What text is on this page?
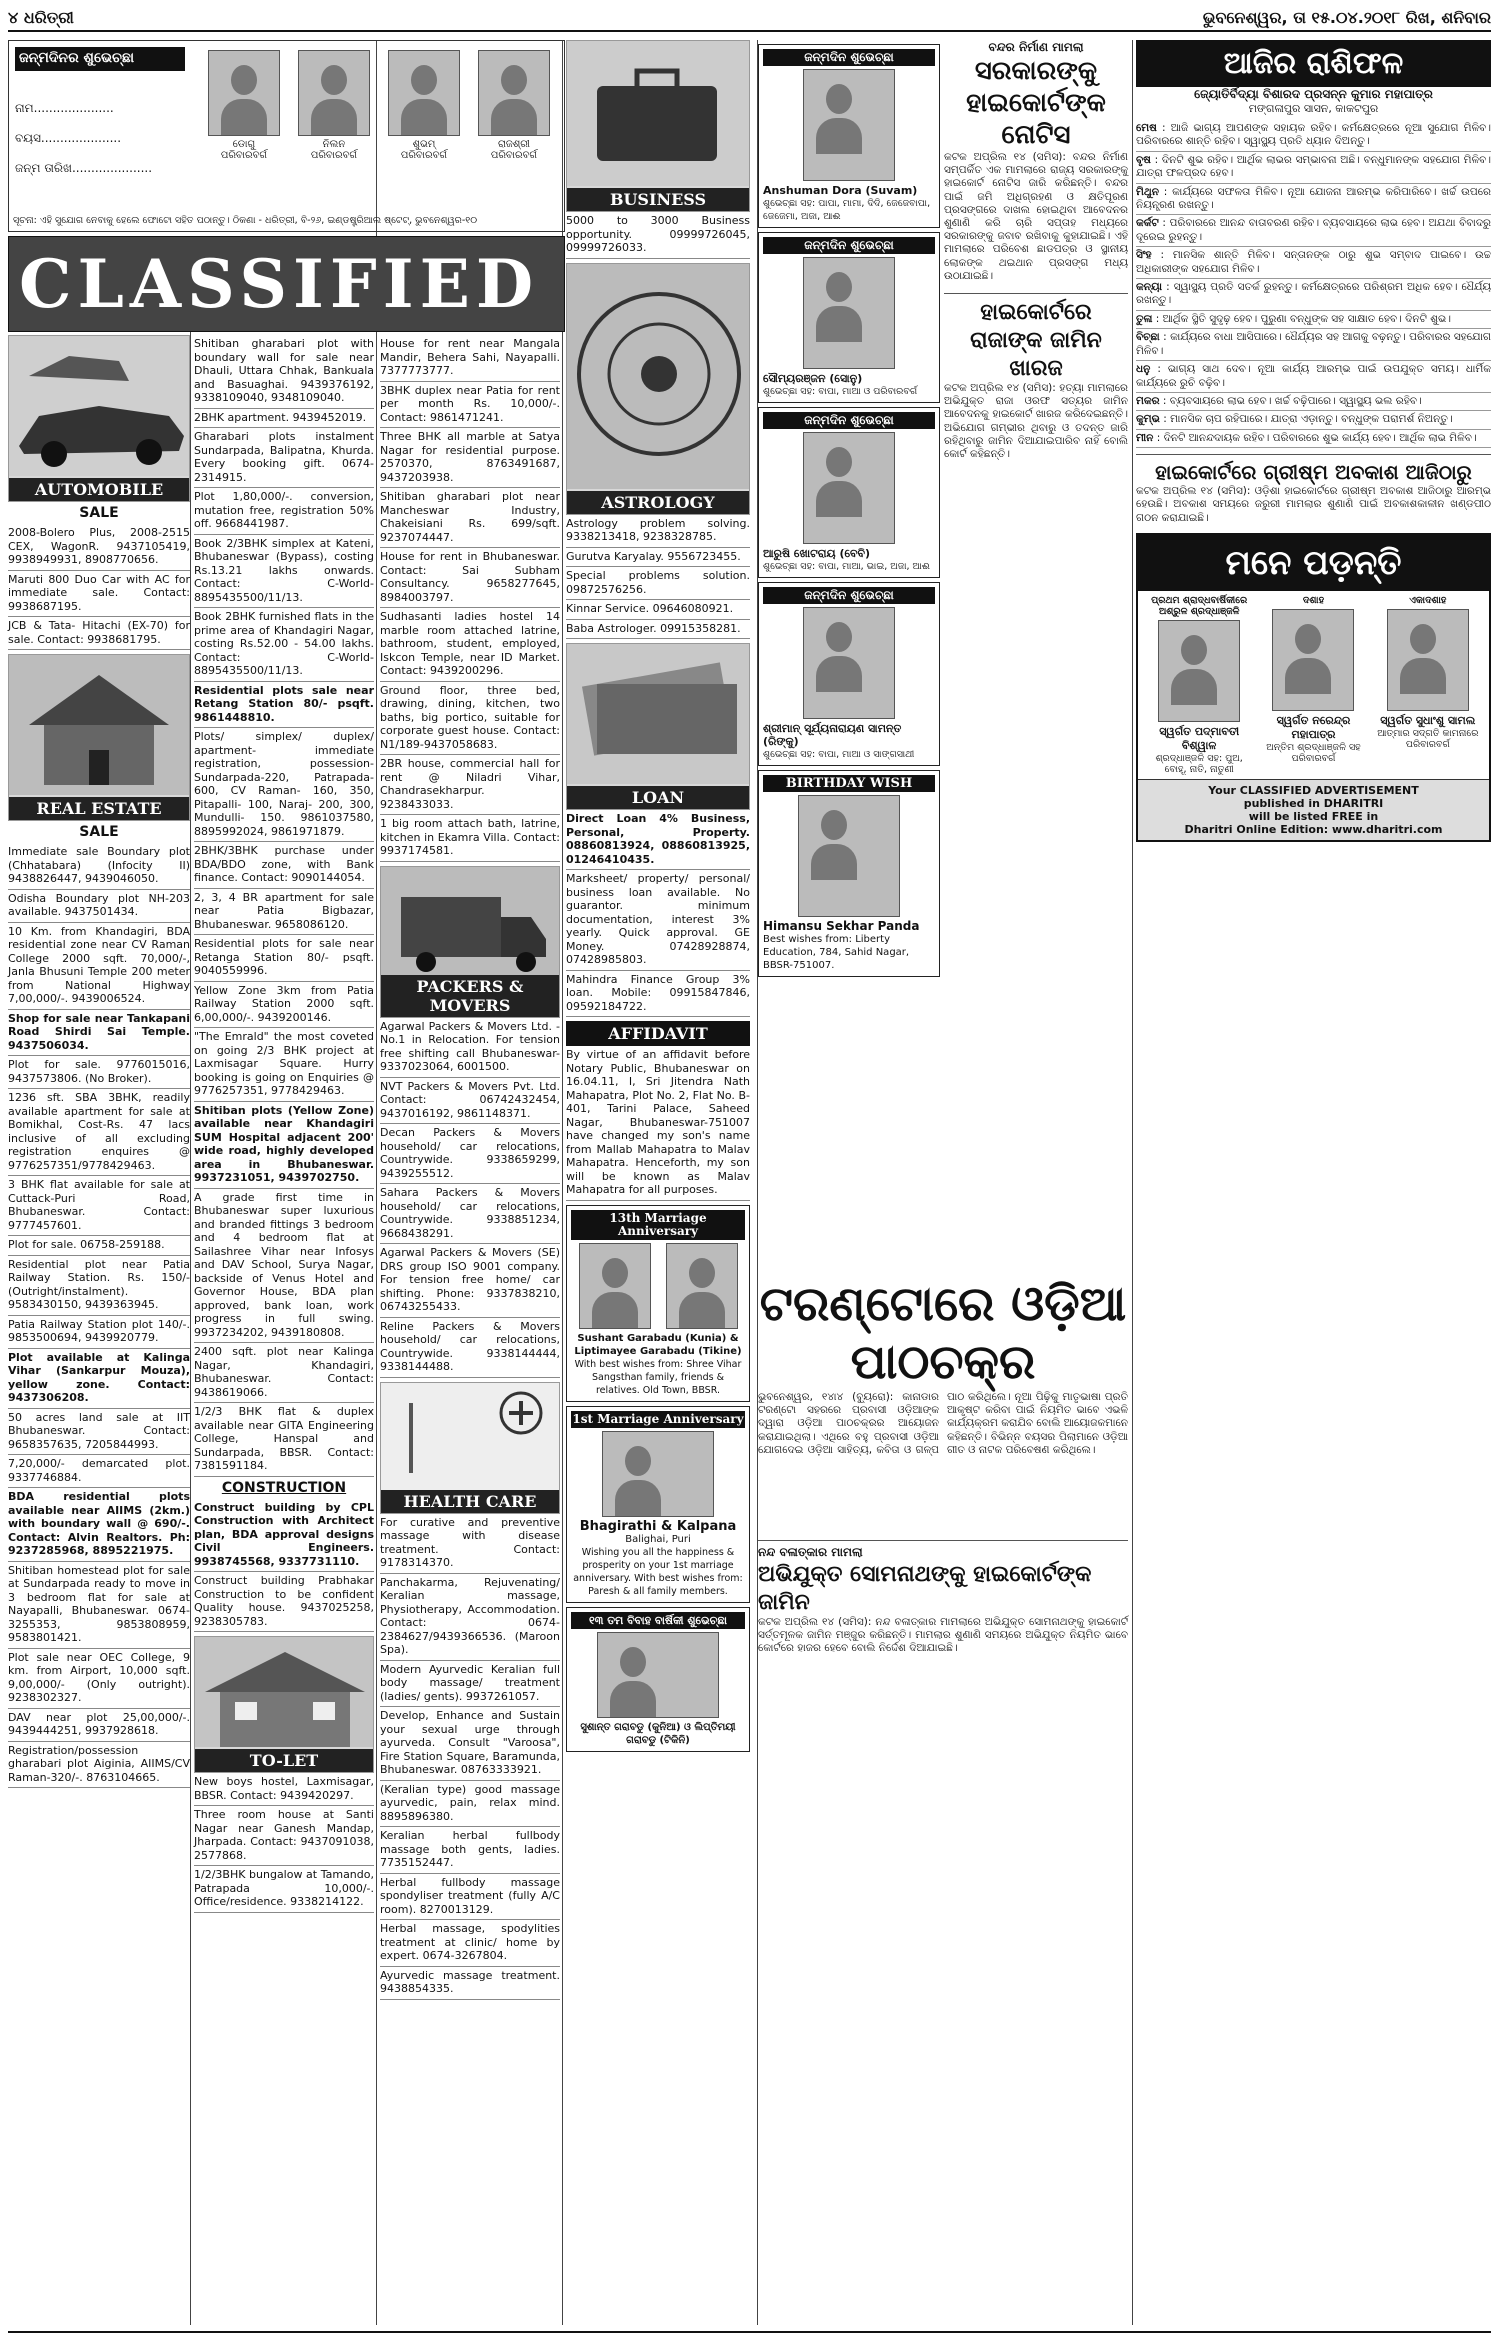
୪ ଧରିତ୍ରୀ	ଭୁବନେଶ୍ୱର, ତା ୧୫.୦୪.୨୦୧୮ ରିଖ, ଶନିବାର
ଜନ୍ମଦିନର ଶୁଭେଚ୍ଛା
ନାମ.....................
ବୟସ.....................
ଜନ୍ମ ତାରିଖ.....................
ଡୋଗୁ
ପରିବାରବର୍ଗ
ନିଲନ
ପରିବାରବର୍ଗ
ଶୁଭମ୍
ପରିବାରବର୍ଗ
ରାଜଶ୍ରୀ
ପରିବାରବର୍ଗ
ସୂଚନା: ଏହି ସୁଯୋଗ ନେବାକୁ ହେଲେ ଫୋଟୋ ସହିତ ପଠାନ୍ତୁ। ଠିକଣା - ଧରିତ୍ରୀ, ବି-୨୬, ଇଣ୍ଡଷ୍ଟ୍ରିଆଲ ଷ୍ଟେଟ୍, ଭୁବନେଶ୍ୱର-୧୦
CLASSIFIED
AUTOMOBILE
SALE
2008-Bolero Plus, 2008-2515 CEX, WagonR. 9437105419, 9938949931, 8908770656.
Maruti 800 Duo Car with AC for immediate sale. Contact: 9938687195.
JCB & Tata- Hitachi (EX-70) for sale. Contact: 9938681795.
REAL ESTATE
SALE
Immediate sale Boundary plot (Chhatabara) (Infocity II) 9438826447, 9439046050.
Odisha Boundary plot NH-203 available. 9437501434.
10 Km. from Khandagiri, BDA residential zone near CV Raman College 2000 sqft. 70,000/-, Janla Bhusuni Temple 200 meter from National Highway 7,00,000/-. 9439006524.
Shop for sale near Tankapani Road Shirdi Sai Temple. 9437506034.
Plot for sale. 9776015016, 9437573806. (No Broker).
1236 sft. SBA 3BHK, readily available apartment for sale at Bomikhal, Cost-Rs. 47 lacs inclusive of all excluding registration enquires @ 9776257351/9778429463.
3 BHK flat available for sale at Cuttack-Puri Road, Bhubaneswar. Contact: 9777457601.
Plot for sale. 06758-259188.
Residential plot near Patia Railway Station. Rs. 150/- (Outright/instalment). 9583430150, 9439363945.
Patia Railway Station plot 140/-. 9853500694, 9439920779.
Plot available at Kalinga Vihar (Sankarpur Mouza), yellow zone. Contact: 9437306208.
50 acres land sale at IIT Bhubaneswar. Contact: 9658357635, 7205844993.
7,20,000/- demarcated plot. 9337746884.
BDA residential plots available near AIIMS (2km.) with boundary wall @ 690/-. Contact: Alvin Realtors. Ph: 9237285968, 8895221975.
Shitiban homestead plot for sale at Sundarpada ready to move in 3 bedroom flat for sale at Nayapalli, Bhubaneswar. 0674-3255353, 9853808959, 9583801421.
Plot sale near OEC College, 9 km. from Airport, 10,000 sqft. 9,00,000/- (Only outright). 9238302327.
DAV near plot 25,00,000/-. 9439444251, 9937928618.
Registration/possession gharabari plot Aiginia, AIIMS/CV Raman-320/-. 8763104665.
Shitiban gharabari plot with boundary wall for sale near Dhauli, Uttara Chhak, Bankuala and Basuaghai. 9439376192, 9338109040, 9348109040.
2BHK apartment. 9439452019.
Gharabari plots instalment Sundarpada, Balipatna, Khurda. Every booking gift. 0674-2314915.
Plot 1,80,000/-. conversion, mutation free, registration 50% off. 9668441987.
Book 2/3BHK simplex at Kateni, Bhubaneswar (Bypass), costing Rs.13.21 lakhs onwards. Contact: C-World- 8895435500/11/13.
Book 2BHK furnished flats in the prime area of Khandagiri Nagar, costing Rs.52.00 - 54.00 lakhs. Contact: C-World- 8895435500/11/13.
Residential plots sale near Retang Station 80/- psqft. 9861448810.
Plots/ simplex/ duplex/ apartment- immediate registration, possession- Sundarpada-220, Patrapada-600, CV Raman- 160, 350, Pitapalli- 100, Naraj- 200, 300, Mundulli- 150. 9861037580, 8895992024, 9861971879.
2BHK/3BHK purchase under BDA/BDO zone, with Bank finance. Contact: 9090144054.
2, 3, 4 BR apartment for sale near Patia Bigbazar, Bhubaneswar. 9658086120.
Residential plots for sale near Retanga Station 80/- psqft. 9040559996.
Yellow Zone 3km from Patia Railway Station 2000 sqft. 6,00,000/-. 9439200146.
"The Emrald" the most coveted on going 2/3 BHK project at Laxmisagar Square. Hurry booking is going on Enquiries @ 9776257351, 9778429463.
Shitiban plots (Yellow Zone) available near Khandagiri SUM Hospital adjacent 200' wide road, highly developed area in Bhubaneswar. 9937231051, 9439702750.
A grade first time in Bhubaneswar super luxurious and branded fittings 3 bedroom and 4 bedroom flat at Sailashree Vihar near Infosys and DAV School, Surya Nagar, backside of Venus Hotel and Governor House, BDA plan approved, bank loan, work progress in full swing. 9937234202, 9439180808.
2400 sqft. plot near Kalinga Nagar, Khandagiri, Bhubaneswar. Contact: 9438619066.
1/2/3 BHK flat & duplex available near GITA Engineering College, Hanspal and Sundarpada, BBSR. Contact: 7381591184.
CONSTRUCTION
Construct building by CPL Construction with Architect plan, BDA approval designs Civil Engineers. 9938745568, 9337731110.
Construct building Prabhakar Construction to be confident Quality house. 9437025258, 9238305783.
TO-LET
New boys hostel, Laxmisagar, BBSR. Contact: 9439420297.
Three room house at Santi Nagar near Ganesh Mandap, Jharpada. Contact: 9437091038, 2577868.
1/2/3BHK bungalow at Tamando, Patrapada 10,000/-. Office/residence. 9338214122.
House for rent near Mangala Mandir, Behera Sahi, Nayapalli. 7377773777.
3BHK duplex near Patia for rent per month Rs. 10,000/-. Contact: 9861471241.
Three BHK all marble at Satya Nagar for residential purpose. 2570370, 8763491687, 9437203938.
Shitiban gharabari plot near Mancheswar Industry, Chakeisiani Rs. 699/sqft. 9237074447.
House for rent in Bhubaneswar. Contact: Sai Subham Consultancy. 9658277645, 8984003797.
Sudhasanti ladies hostel 14 marble room attached latrine, bathroom, student, employed, Iskcon Temple, near ID Market. Contact: 9439200296.
Ground floor, three bed, drawing, dining, kitchen, two baths, big portico, suitable for corporate guest house. Contact: N1/189-9437058683.
2BR house, commercial hall for rent @ Niladri Vihar, Chandrasekharpur. 9238433033.
1 big room attach bath, latrine, kitchen in Ekamra Villa. Contact: 9937174581.
PACKERS & MOVERS
Agarwal Packers & Movers Ltd. - No.1 in Relocation. For tension free shifting call Bhubaneswar- 9337023064, 6001500.
NVT Packers & Movers Pvt. Ltd. Contact: 06742432454, 9437016192, 9861148371.
Decan Packers & Movers household/ car relocations, Countrywide. 9338659299, 9439255512.
Sahara Packers & Movers household/ car relocations, Countrywide. 9338851234, 9668438291.
Agarwal Packers & Movers (SE) DRS group ISO 9001 company. For tension free home/ car shifting. Phone: 9337838210, 06743255433.
Reline Packers & Movers household/ car relocations, Countrywide. 9338144444, 9338144488.
HEALTH CARE
For curative and preventive massage with disease treatment. Contact: 9178314370.
Panchakarma, Rejuvenating/ Keralian massage, Physiotherapy, Accommodation. Contact: 0674-2384627/9439366536. (Maroon Spa).
Modern Ayurvedic Keralian full body massage/ treatment (ladies/ gents). 9937261057.
Develop, Enhance and Sustain your sexual urge through ayurveda. Consult "Varoosa", Fire Station Square, Baramunda, Bhubaneswar. 08763333921.
(Keralian type) good massage ayurvedic, pain, relax mind. 8895896380.
Keralian herbal fullbody massage both gents, ladies. 7735152447.
Herbal fullbody massage spondyliser treatment (fully A/C room). 8270013129.
Herbal massage, spodylities treatment at clinic/ home by expert. 0674-3267804.
Ayurvedic massage treatment. 9438854335.
BUSINESS
5000 to 3000 Business opportunity. 09999726045, 09999726033.
ASTROLOGY
Astrology problem solving. 9338213418, 9238328785.
Gurutva Karyalay. 9556723455.
Special problems solution. 09872576256.
Kinnar Service. 09646080921.
Baba Astrologer. 09915358281.
LOAN
Direct Loan 4% Business, Personal, Property. 08860813924, 08860813925, 01246410435.
Marksheet/ property/ personal/ business loan available. No guarantor. minimum documentation, interest 3% yearly. Quick approval. GE Money. 07428928874, 07428985803.
Mahindra Finance Group 3% loan. Mobile: 09915847846, 09592184722.
AFFIDAVIT
By virtue of an affidavit before Notary Public, Bhubaneswar on 16.04.11, I, Sri Jitendra Nath Mahapatra, Plot No. 2, Flat No. B-401, Tarini Palace, Saheed Nagar, Bhubaneswar-751007 have changed my son's name from Mallab Mahapatra to Malav Mahapatra. Henceforth, my son will be known as Malav Mahapatra for all purposes.
13th Marriage Anniversary
Sushant Garabadu (Kunia) & Liptimayee Garabadu (Tikine)
With best wishes from: Shree Vihar Sangsthan family, friends & relatives. Old Town, BBSR.
1st Marriage Anniversary
Bhagirathi & Kalpana
Balighai, Puri
Wishing you all the happiness & prosperity on your 1st marriage anniversary. With best wishes from: Paresh & all family members.
୧୩ ତମ ବିବାହ ବାର୍ଷିକୀ ଶୁଭେଚ୍ଛା
ସୁଶାନ୍ତ ଗରାବଡୁ (କୁନିଆ) ଓ ଲିପ୍ତିମୟୀ ଗରାବଡୁ (ଟିକିନି)
ଜନ୍ମଦିନ ଶୁଭେଚ୍ଛା
Anshuman Dora (Suvam)
ଶୁଭେଚ୍ଛା ସହ: ପାପା, ମାମା, ଦିଦି, ଜେଜେବାପା, ଜେଜେମା, ଅଜା, ଆଈ
ଜନ୍ମଦିନ ଶୁଭେଚ୍ଛା
ସୌମ୍ୟରଞ୍ଜନ (ସୋନୁ)
ଶୁଭେଚ୍ଛା ସହ: ବାପା, ମାଆ ଓ ପରିବାରବର୍ଗ
ଜନ୍ମଦିନ ଶୁଭେଚ୍ଛା
ଆରୁଷି ଖୋଟରାୟ (ବେବି)
ଶୁଭେଚ୍ଛା ସହ: ବାପା, ମାଆ, ଭାଇ, ଅଜା, ଆଈ
ଜନ୍ମଦିନ ଶୁଭେଚ୍ଛା
ଶ୍ରୀମାନ୍ ସୂର୍ଯ୍ୟନାରାୟଣ ସାମନ୍ତ (ରିଙ୍କୁ)
ଶୁଭେଚ୍ଛା ସହ: ବାପା, ମାଆ ଓ ସାଙ୍ଗସାଥୀ
BIRTHDAY WISH
Himansu Sekhar Panda
Best wishes from: Liberty Education, 784, Sahid Nagar, BBSR-751007.
ବନ୍ଦର ନିର୍ମାଣ ମାମଲା
ସରକାରଙ୍କୁ ହାଇକୋର୍ଟଙ୍କ ନୋଟିସ
କଟକ ଅପ୍ରିଲ ୧୪ (ସମିସ): ବନ୍ଦର ନିର୍ମାଣ ସମ୍ପର୍କିତ ଏକ ମାମଲାରେ ରାଜ୍ୟ ସରକାରଙ୍କୁ ହାଇକୋର୍ଟ ନୋଟିସ ଜାରି କରିଛନ୍ତି। ବନ୍ଦର ପାଇଁ ଜମି ଅଧିଗ୍ରହଣ ଓ କ୍ଷତିପୂରଣ ପ୍ରସଙ୍ଗରେ ଦାଖଲ ହୋଇଥିବା ଆବେଦନର ଶୁଣାଣି କରି ଚାରି ସପ୍ତାହ ମଧ୍ୟରେ ସରକାରଙ୍କୁ ଜବାବ ରଖିବାକୁ କୁହାଯାଇଛି। ଏହି ମାମଲାରେ ପରିବେଶ ଛାଡପତ୍ର ଓ ସ୍ଥାନୀୟ ଲୋକଙ୍କ ଥଇଥାନ ପ୍ରସଙ୍ଗ ମଧ୍ୟ ଉଠାଯାଇଛି।
ହାଇକୋର୍ଟରେ ରାଜାଙ୍କ ଜାମିନ ଖାରଜ
କଟକ ଅପ୍ରିଲ ୧୪ (ସମିସ): ହତ୍ୟା ମାମଲାରେ ଅଭିଯୁକ୍ତ ରାଜା ଓରଫ ସତ୍ୟର ଜାମିନ ଆବେଦନକୁ ହାଇକୋର୍ଟ ଖାରଜ କରିଦେଇଛନ୍ତି। ଅଭିଯୋଗ ଗମ୍ଭୀର ଥିବାରୁ ଓ ତଦନ୍ତ ଜାରି ରହିଥିବାରୁ ଜାମିନ ଦିଆଯାଇପାରିବ ନାହିଁ ବୋଲି କୋର୍ଟ କହିଛନ୍ତି।
ଟରଣ୍ଟୋରେ ଓଡ଼ିଆ ପାଠଚକ୍ର
ଭୁବନେଶ୍ୱର, ୧୪ା୪ (ବ୍ୟୁରୋ): କାନାଡାର ଟରଣ୍ଟୋ ସହରରେ ପ୍ରବାସୀ ଓଡ଼ିଆଙ୍କ ଦ୍ୱାରା ଓଡ଼ିଆ ପାଠଚକ୍ରର ଆୟୋଜନ କରାଯାଇଥିଲା। ଏଥିରେ ବହୁ ପ୍ରବାସୀ ଓଡ଼ିଆ ଯୋଗଦେଇ ଓଡ଼ିଆ ସାହିତ୍ୟ, କବିତା ଓ ଗଳ୍ପ ପାଠ କରିଥିଲେ। ନୂଆ ପିଢ଼ିକୁ ମାତୃଭାଷା ପ୍ରତି ଆକୃଷ୍ଟ କରିବା ପାଇଁ ନିୟମିତ ଭାବେ ଏଭଳି କାର୍ଯ୍ୟକ୍ରମ କରାଯିବ ବୋଲି ଆୟୋଜକମାନେ କହିଛନ୍ତି। ବିଭିନ୍ନ ବୟସର ପିଲାମାନେ ଓଡ଼ିଆ ଗୀତ ଓ ନାଟକ ପରିବେଷଣ କରିଥିଲେ।
ନନ୍ଦ ବଳାତ୍କାର ମାମଲା
ଅଭିଯୁକ୍ତ ସୋମନାଥଙ୍କୁ ହାଇକୋର୍ଟଙ୍କ ଜାମିନ
କଟକ ଅପ୍ରିଲ ୧୪ (ସମିସ): ନନ୍ଦ ବଳାତ୍କାର ମାମଲାରେ ଅଭିଯୁକ୍ତ ସୋମନାଥଙ୍କୁ ହାଇକୋର୍ଟ ସର୍ତ୍ତମୂଳକ ଜାମିନ ମଞ୍ଜୁର କରିଛନ୍ତି। ମାମଲାର ଶୁଣାଣି ସମୟରେ ଅଭିଯୁକ୍ତ ନିୟମିତ ଭାବେ କୋର୍ଟରେ ହାଜର ହେବେ ବୋଲି ନିର୍ଦ୍ଦେଶ ଦିଆଯାଇଛି।
ଆଜିର ରାଶିଫଳ
ଜ୍ୟୋତିର୍ବିଦ୍ୟା ବିଶାରଦ ପ୍ରସନ୍ନ କୁମାର ମହାପାତ୍ର
ମଙ୍ଗଳାପୁର ସାସନ, କାକଟପୁର
ମେଷ : ଆଜି ଭାଗ୍ୟ ଆପଣଙ୍କ ସହାୟକ ରହିବ। କର୍ମକ୍ଷେତ୍ରରେ ନୂଆ ସୁଯୋଗ ମିଳିବ। ପରିବାରରେ ଶାନ୍ତି ରହିବ। ସ୍ୱାସ୍ଥ୍ୟ ପ୍ରତି ଧ୍ୟାନ ଦିଅନ୍ତୁ।
ବୃଷ : ଦିନଟି ଶୁଭ ରହିବ। ଆର୍ଥିକ ଲାଭର ସମ୍ଭାବନା ଅଛି। ବନ୍ଧୁମାନଙ୍କ ସହଯୋଗ ମିଳିବ। ଯାତ୍ରା ଫଳପ୍ରଦ ହେବ।
ମିଥୁନ : କାର୍ଯ୍ୟରେ ସଫଳତା ମିଳିବ। ନୂଆ ଯୋଜନା ଆରମ୍ଭ କରିପାରିବେ। ଖର୍ଚ୍ଚ ଉପରେ ନିୟନ୍ତ୍ରଣ ରଖନ୍ତୁ।
କର୍କଟ : ପରିବାରରେ ଆନନ୍ଦ ବାତାବରଣ ରହିବ। ବ୍ୟବସାୟରେ ଲାଭ ହେବ। ଅଯଥା ବିବାଦରୁ ଦୂରେଇ ରୁହନ୍ତୁ।
ସିଂହ : ମାନସିକ ଶାନ୍ତି ମିଳିବ। ସନ୍ତାନଙ୍କ ଠାରୁ ଶୁଭ ସମ୍ବାଦ ପାଇବେ। ଉଚ୍ଚ ଅଧିକାରୀଙ୍କ ସହଯୋଗ ମିଳିବ।
କନ୍ୟା : ସ୍ୱାସ୍ଥ୍ୟ ପ୍ରତି ସତର୍କ ରୁହନ୍ତୁ। କର୍ମକ୍ଷେତ୍ରରେ ପରିଶ୍ରମ ଅଧିକ ହେବ। ଧୈର୍ଯ୍ୟ ରଖନ୍ତୁ।
ତୁଳା : ଆର୍ଥିକ ସ୍ଥିତି ସୁଦୃଢ଼ ହେବ। ପୁରୁଣା ବନ୍ଧୁଙ୍କ ସହ ସାକ୍ଷାତ ହେବ। ଦିନଟି ଶୁଭ।
ବିଚ୍ଛା : କାର୍ଯ୍ୟରେ ବାଧା ଆସିପାରେ। ଧୈର୍ଯ୍ୟର ସହ ଆଗକୁ ବଢ଼ନ୍ତୁ। ପରିବାରର ସହଯୋଗ ମିଳିବ।
ଧନୁ : ଭାଗ୍ୟ ସାଥ ଦେବ। ନୂଆ କାର୍ଯ୍ୟ ଆରମ୍ଭ ପାଇଁ ଉପଯୁକ୍ତ ସମୟ। ଧାର୍ମିକ କାର୍ଯ୍ୟରେ ରୁଚି ବଢ଼ିବ।
ମକର : ବ୍ୟବସାୟରେ ଲାଭ ହେବ। ଖର୍ଚ୍ଚ ବଢ଼ିପାରେ। ସ୍ୱାସ୍ଥ୍ୟ ଭଲ ରହିବ।
କୁମ୍ଭ : ମାନସିକ ଚାପ ରହିପାରେ। ଯାତ୍ରା ଏଡ଼ାନ୍ତୁ। ବନ୍ଧୁଙ୍କ ପରାମର୍ଶ ନିଅନ୍ତୁ।
ମୀନ : ଦିନଟି ଆନନ୍ଦଦାୟକ ରହିବ। ପରିବାରରେ ଶୁଭ କାର୍ଯ୍ୟ ହେବ। ଆର୍ଥିକ ଲାଭ ମିଳିବ।
ହାଇକୋର୍ଟରେ ଗ୍ରୀଷ୍ମ ଅବକାଶ ଆଜିଠାରୁ
କଟକ ଅପ୍ରିଲ ୧୪ (ସମିସ): ଓଡ଼ିଶା ହାଇକୋର୍ଟରେ ଗ୍ରୀଷ୍ମ ଅବକାଶ ଆଜିଠାରୁ ଆରମ୍ଭ ହେଉଛି। ଅବକାଶ ସମୟରେ ଜରୁରୀ ମାମଲାର ଶୁଣାଣି ପାଇଁ ଅବକାଶକାଳୀନ ଖଣ୍ଡପୀଠ ଗଠନ କରାଯାଇଛି।
ମନେ ପଡ଼ନ୍ତି
ପ୍ରଥମ ଶ୍ରାଦ୍ଧବାର୍ଷିକୀରେ ଅଶ୍ରୁଳ ଶ୍ରଦ୍ଧାଞ୍ଜଳି
ସ୍ୱର୍ଗତ ପଦ୍ମାବତୀ ବିଶ୍ୱାଳ
ଶ୍ରଦ୍ଧାଞ୍ଜଳି ସହ: ପୁଅ, ବୋହୂ, ନାତି, ନାତୁଣୀ
ଦଶାହ
ସ୍ୱର୍ଗତ ନରେନ୍ଦ୍ର ମହାପାତ୍ର
ଅନ୍ତିମ ଶ୍ରଦ୍ଧାଞ୍ଜଳି ସହ ପରିବାରବର୍ଗ
ଏକାଦଶାହ
ସ୍ୱର୍ଗତ ସୁଧାଂଶୁ ସାମଲ
ଆତ୍ମାର ସଦ୍‌ଗତି କାମନାରେ ପରିବାରବର୍ଗ
Your CLASSIFIED ADVERTISEMENT
published in DHARITRI
will be listed FREE in
Dharitri Online Edition: www.dharitri.com
